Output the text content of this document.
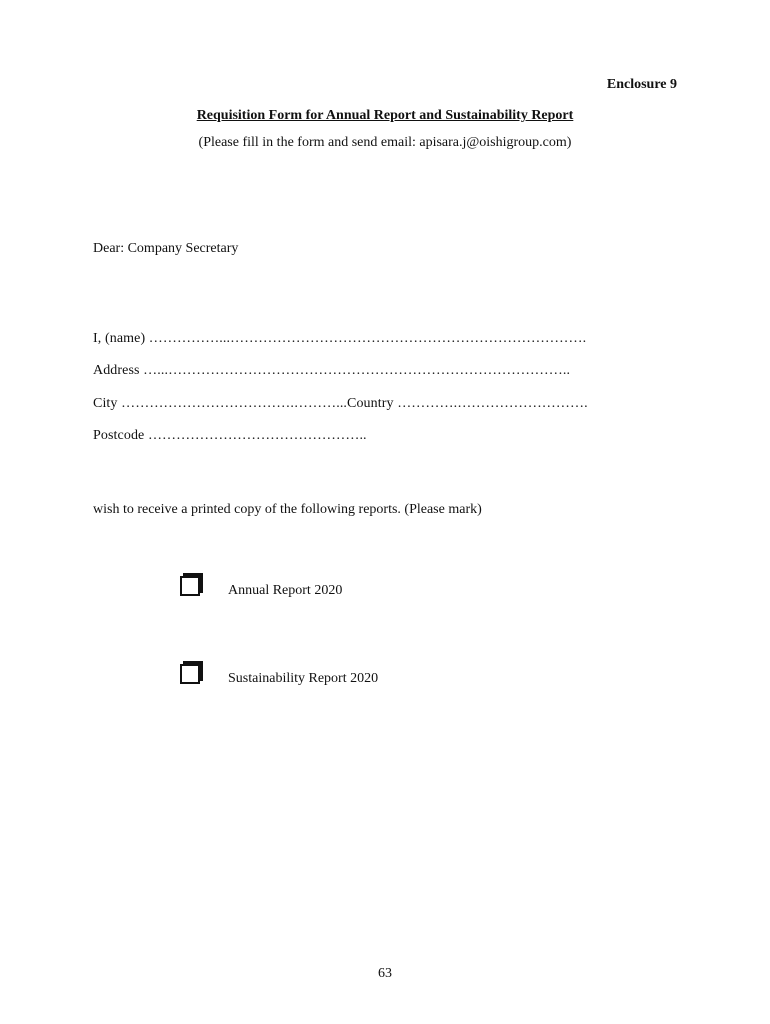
Enclosure 9
Requisition Form for Annual Report and Sustainability Report
(Please fill in the form and send email: apisara.j@oishigroup.com)
Dear: Company Secretary
I, (name) ……………...………………………………………………………………….
Address …...…………………………………………………………………………..
City ……………………………….………...Country ………….……………………….
Postcode ………………………………………..
wish to receive a printed copy of the following reports. (Please mark)
Annual Report 2020
Sustainability Report 2020
63
